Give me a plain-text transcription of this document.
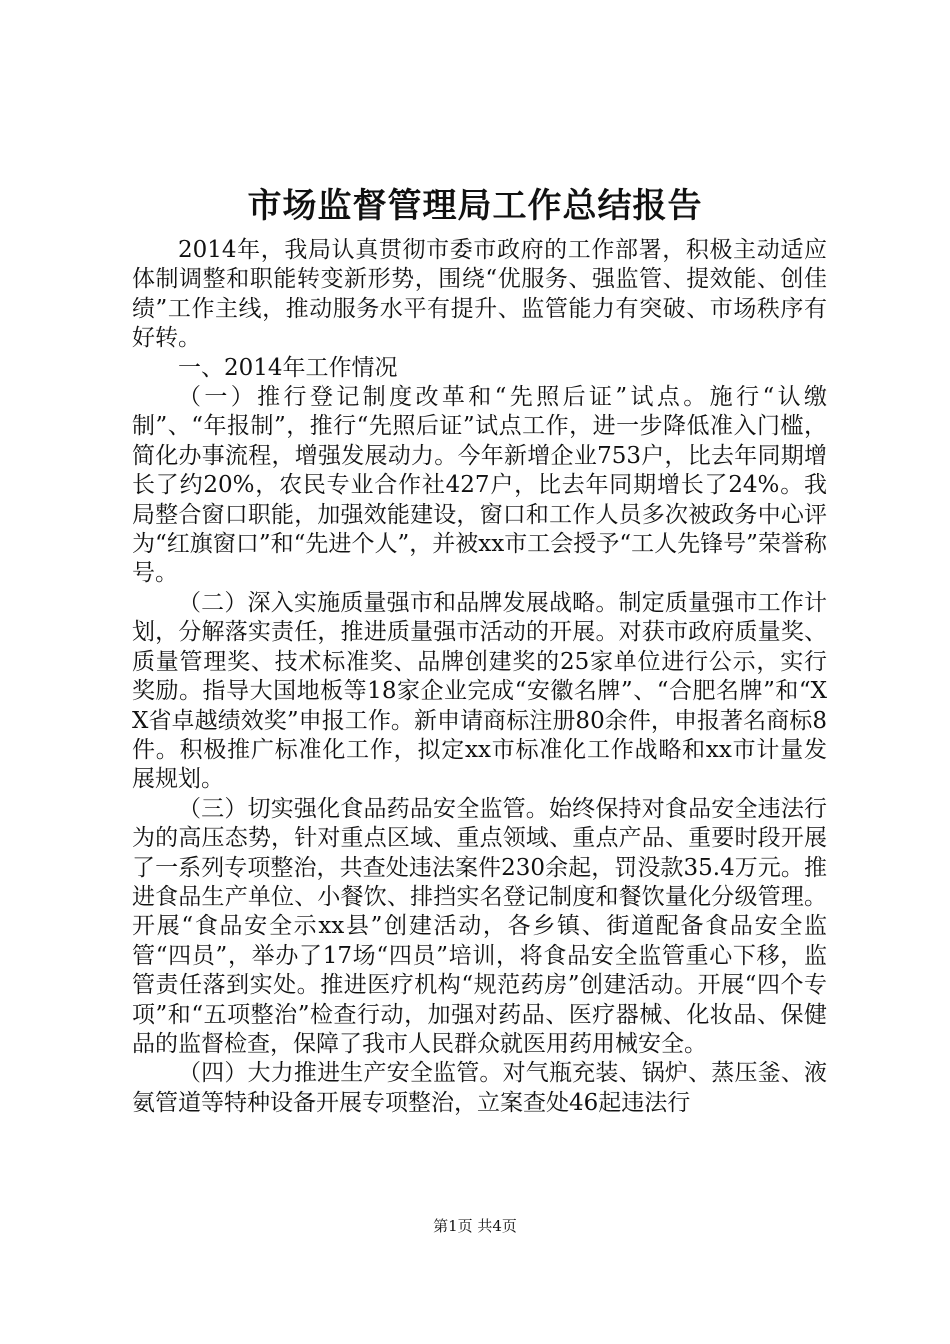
市场监督管理局工作总结报告

2014年，我局认真贯彻市委市政府的工作部署，积极主动适应体制调整和职能转变新形势，围绕“优服务、强监管、提效能、创佳绩”工作主线，推动服务水平有提升、监管能力有突破、市场秩序有好转。

一、2014年工作情况

（一）推行登记制度改革和“先照后证”试点。施行“认缴制”、“年报制”，推行“先照后证”试点工作，进一步降低准入门槛，简化办事流程，增强发展动力。今年新增企业753户，比去年同期增长了约20%，农民专业合作社427户，比去年同期增长了24%。我局整合窗口职能，加强效能建设，窗口和工作人员多次被政务中心评为“红旗窗口”和“先进个人”，并被xx市工会授予“工人先锋号”荣誉称号。

（二）深入实施质量强市和品牌发展战略。制定质量强市工作计划，分解落实责任，推进质量强市活动的开展。对获市政府质量奖、质量管理奖、技术标准奖、品牌创建奖的25家单位进行公示，实行奖励。指导大国地板等18家企业完成“安徽名牌”、“合肥名牌”和“XX省卓越绩效奖”申报工作。新申请商标注册80余件，申报著名商标8件。积极推广标准化工作，拟定xx市标准化工作战略和xx市计量发展规划。

（三）切实强化食品药品安全监管。始终保持对食品安全违法行为的高压态势，针对重点区域、重点领域、重点产品、重要时段开展了一系列专项整治，共查处违法案件230余起，罚没款35.4万元。推进食品生产单位、小餐饮、排挡实名登记制度和餐饮量化分级管理。开展“食品安全示xx县”创建活动，各乡镇、街道配备食品安全监管“四员”，举办了17场“四员”培训，将食品安全监管重心下移，监管责任落到实处。推进医疗机构“规范药房”创建活动。开展“四个专项”和“五项整治”检查行动，加强对药品、医疗器械、化妆品、保健品的监督检查，保障了我市人民群众就医用药用械安全。

（四）大力推进生产安全监管。对气瓶充装、锅炉、蒸压釜、液氨管道等特种设备开展专项整治，立案查处46起违法行

第1页 共4页
